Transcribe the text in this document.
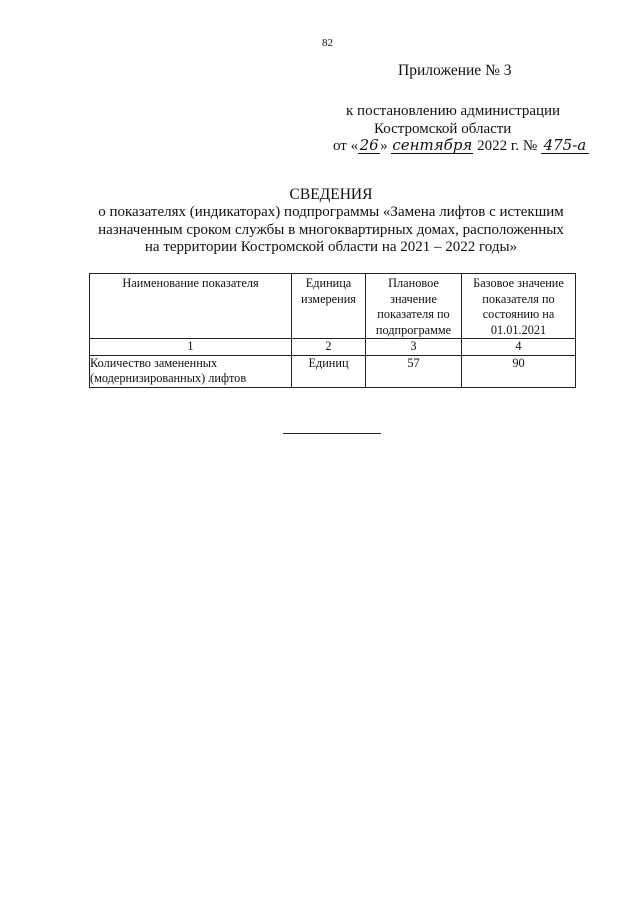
82
Приложение № 3
к постановлению администрации
Костромской области
от «26» сентября 2022 г. № 475-а
СВЕДЕНИЯ
о показателях (индикаторах) подпрограммы «Замена лифтов с истекшим
назначенным сроком службы в многоквартирных домах, расположенных
на территории Костромской области на 2021 – 2022 годы»
Наименование показателя	Единица измерения	Плановое значение показателя по подпрограмме	Базовое значение показателя по состоянию на 01.01.2021
1	2	3	4
Количество замененных (модернизированных) лифтов	Единиц	57	90
